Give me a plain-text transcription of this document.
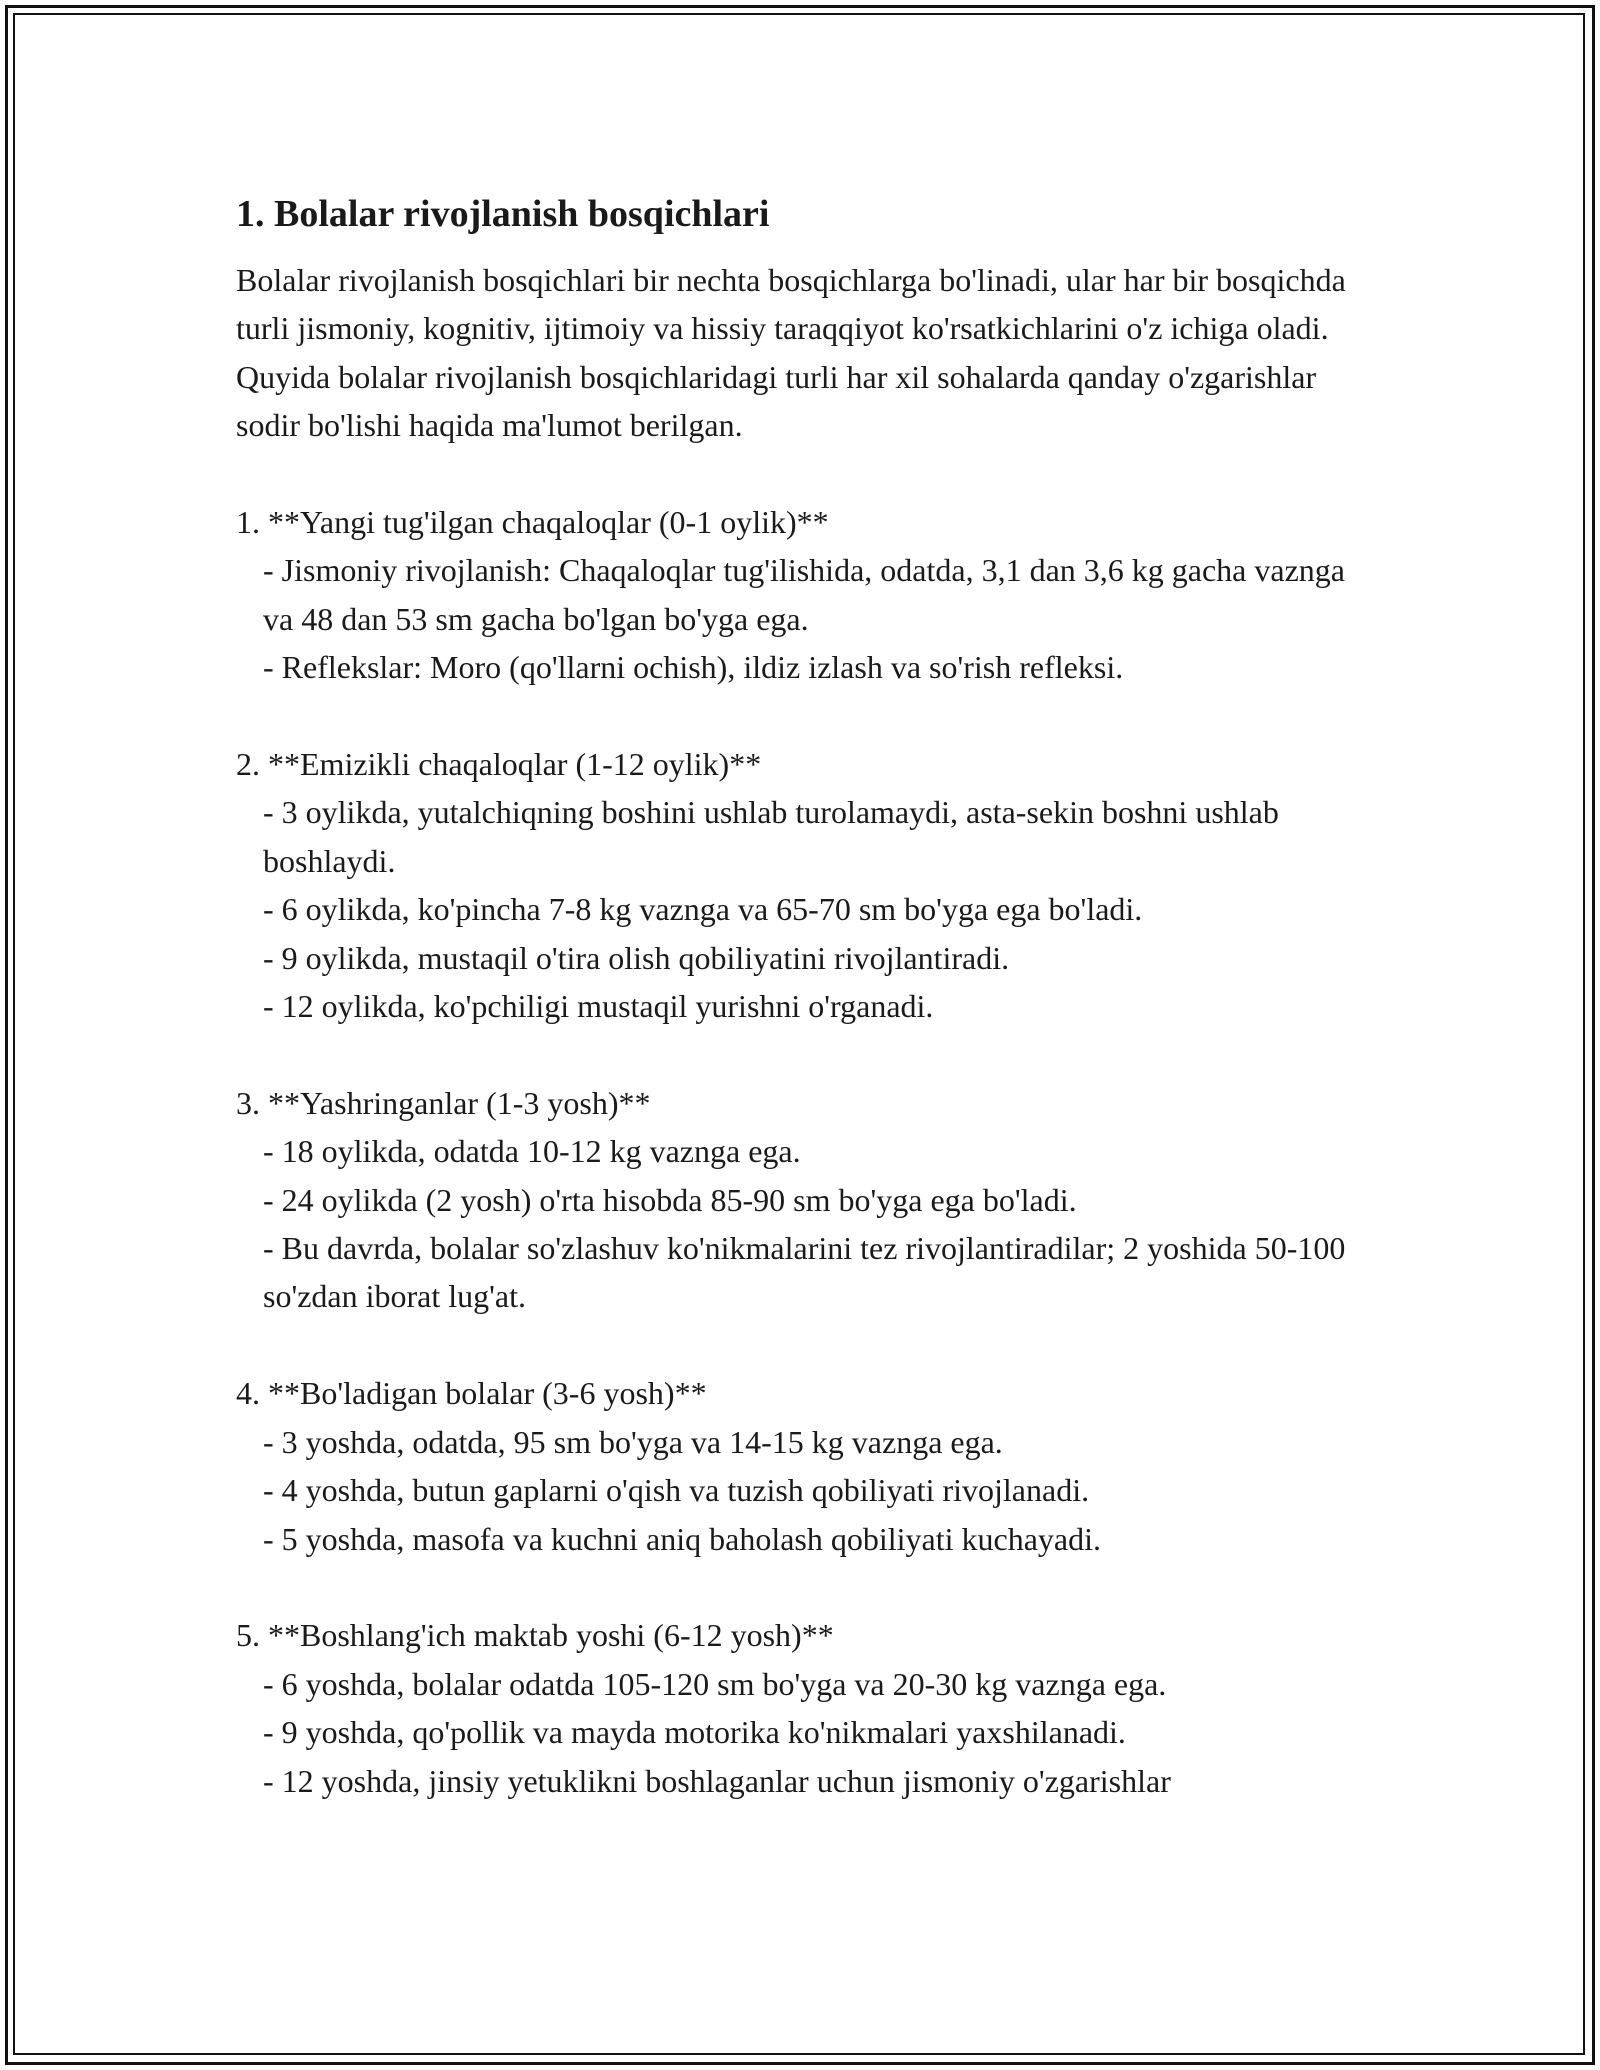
1. Bolalar rivojlanish bosqichlari

Bolalar rivojlanish bosqichlari bir nechta bosqichlarga bo'linadi, ular har bir bosqichda turli jismoniy, kognitiv, ijtimoiy va hissiy taraqqiyot ko'rsatkichlarini o'z ichiga oladi. Quyida bolalar rivojlanish bosqichlaridagi turli har xil sohalarda qanday o'zgarishlar sodir bo'lishi haqida ma'lumot berilgan.

1. **Yangi tug'ilgan chaqaloqlar (0-1 oylik)**
- Jismoniy rivojlanish: Chaqaloqlar tug'ilishida, odatda, 3,1 dan 3,6 kg gacha vaznga va 48 dan 53 sm gacha bo'lgan bo'yga ega.
- Reflekslar: Moro (qo'llarni ochish), ildiz izlash va so'rish refleksi.
2. **Emizikli chaqaloqlar (1-12 oylik)**
- 3 oylikda, yutalchiqning boshini ushlab turolamaydi, asta-sekin boshni ushlab boshlaydi.
- 6 oylikda, ko'pincha 7-8 kg vaznga va 65-70 sm bo'yga ega bo'ladi.
- 9 oylikda, mustaqil o'tira olish qobiliyatini rivojlantiradi.
- 12 oylikda, ko'pchiligi mustaqil yurishni o'rganadi.
3. **Yashringanlar (1-3 yosh)**
- 18 oylikda, odatda 10-12 kg vaznga ega.
- 24 oylikda (2 yosh) o'rta hisobda 85-90 sm bo'yga ega bo'ladi.
- Bu davrda, bolalar so'zlashuv ko'nikmalarini tez rivojlantiradilar; 2 yoshida 50-100 so'zdan iborat lug'at.
4. **Bo'ladigan bolalar (3-6 yosh)**
- 3 yoshda, odatda, 95 sm bo'yga va 14-15 kg vaznga ega.
- 4 yoshda, butun gaplarni o'qish va tuzish qobiliyati rivojlanadi.
- 5 yoshda, masofa va kuchni aniq baholash qobiliyati kuchayadi.
5. **Boshlang'ich maktab yoshi (6-12 yosh)**
- 6 yoshda, bolalar odatda 105-120 sm bo'yga va 20-30 kg vaznga ega.
- 9 yoshda, qo'pollik va mayda motorika ko'nikmalari yaxshilanadi.
- 12 yoshda, jinsiy yetuklikni boshlaganlar uchun jismoniy o'zgarishlar
